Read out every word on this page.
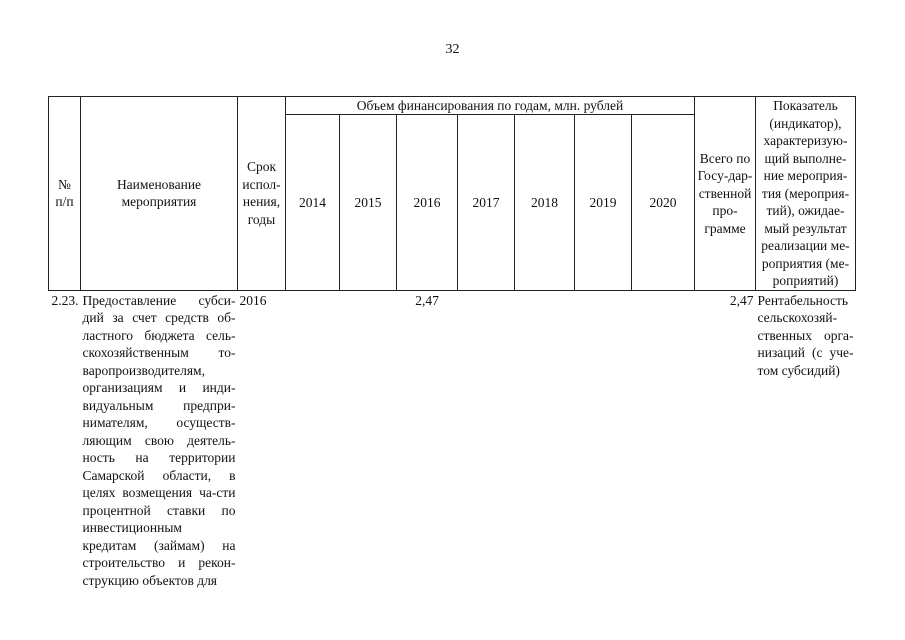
32
№ п/п	Наименование мероприятия	Срок испол-нения, годы	Объем финансирования по годам, млн. рублей							Всего по Госу-дар-ственной про-грамме	Показатель (индикатор), характеризую-щий выполне-ние мероприя-тия (мероприя-тий), ожидае-мый результат реализации ме-роприятия (ме-роприятий)
			2014	2015	2016	2017	2018	2019	2020		
2.23.	Предоставление субси-дий за счет средств об-ластного бюджета сель-скохозяйственным то-варопроизводителям, организациям и инди-видуальным предпри-нимателям, осуществ-ляющим свою деятель-ность на территории Самарской области, в целях возмещения ча-сти процентной ставки по инвестиционным кредитам (займам) на строительство и рекон-струкцию объектов для	2016			2,47					2,47	Рентабельность сельскохозяй-ственных орга-низаций (с уче-том субсидий)
